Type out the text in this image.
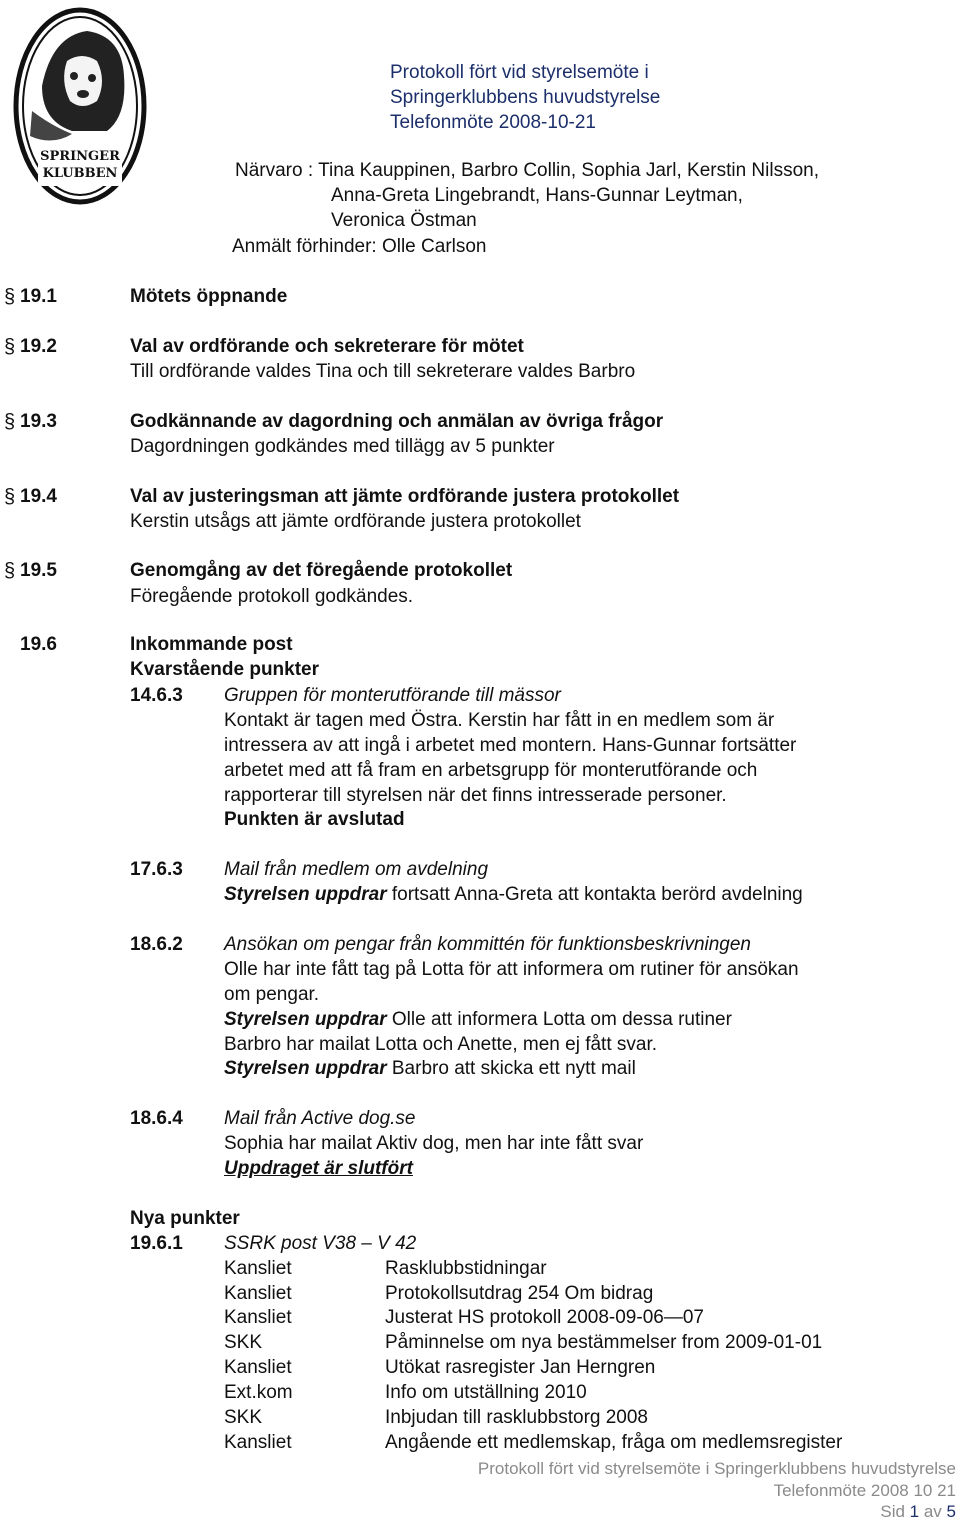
SPRINGER
KLUBBEN
Protokoll fört vid styrelsemöte i
Springerklubbens huvudstyrelse
Telefonmöte 2008-10-21
Närvaro : Tina Kauppinen, Barbro Collin, Sophia Jarl, Kerstin Nilsson,
Anna-Greta Lingebrandt, Hans-Gunnar Leytman,
Veronica Östman
Anmält förhinder: Olle Carlson
§ 19.1	Mötets öppnande
§ 19.2	Val av ordförande och sekreterare för mötet
Till ordförande valdes Tina och till sekreterare valdes Barbro
§ 19.3	Godkännande av dagordning och anmälan av övriga frågor
Dagordningen godkändes med tillägg av 5 punkter
§ 19.4	Val av justeringsman att jämte ordförande justera protokollet
Kerstin utsågs att jämte ordförande justera protokollet
§ 19.5	Genomgång av det föregående protokollet
Föregående protokoll godkändes.
19.6	Inkommande post
Kvarstående punkter
14.6.3 Gruppen för monterutförande till mässor
Kontakt är tagen med Östra. Kerstin har fått in en medlem som är
intressera av att ingå i arbetet med montern. Hans-Gunnar fortsätter
arbetet med att få fram en arbetsgrupp för monterutförande och
rapporterar till styrelsen när det finns intresserade personer.
Punkten är avslutad
17.6.3 Mail från medlem om avdelning
Styrelsen uppdrar fortsatt Anna-Greta att kontakta berörd avdelning
18.6.2 Ansökan om pengar från kommittén för funktionsbeskrivningen
Olle har inte fått tag på Lotta för att informera om rutiner för ansökan
om pengar.
Styrelsen uppdrar Olle att informera Lotta om dessa rutiner
Barbro har mailat Lotta och Anette, men ej fått svar.
Styrelsen uppdrar Barbro att skicka ett nytt mail
18.6.4 Mail från Active dog.se
Sophia har mailat Aktiv dog, men har inte fått svar
Uppdraget är slutfört
Nya punkter
19.6.1 SSRK post V38 – V 42
Kansliet	Rasklubbstidningar
Kansliet	Protokollsutdrag 254 Om bidrag
Kansliet	Justerat HS protokoll 2008-09-06—07
SKK	Påminnelse om nya bestämmelser from 2009-01-01
Kansliet	Utökat rasregister Jan Herngren
Ext.kom	Info om utställning 2010
SKK	Inbjudan till rasklubbstorg 2008
Kansliet	Angående ett medlemskap, fråga om medlemsregister
Protokoll fört vid styrelsemöte i Springerklubbens huvudstyrelse
Telefonmöte 2008 10 21
Sid 1 av 5
